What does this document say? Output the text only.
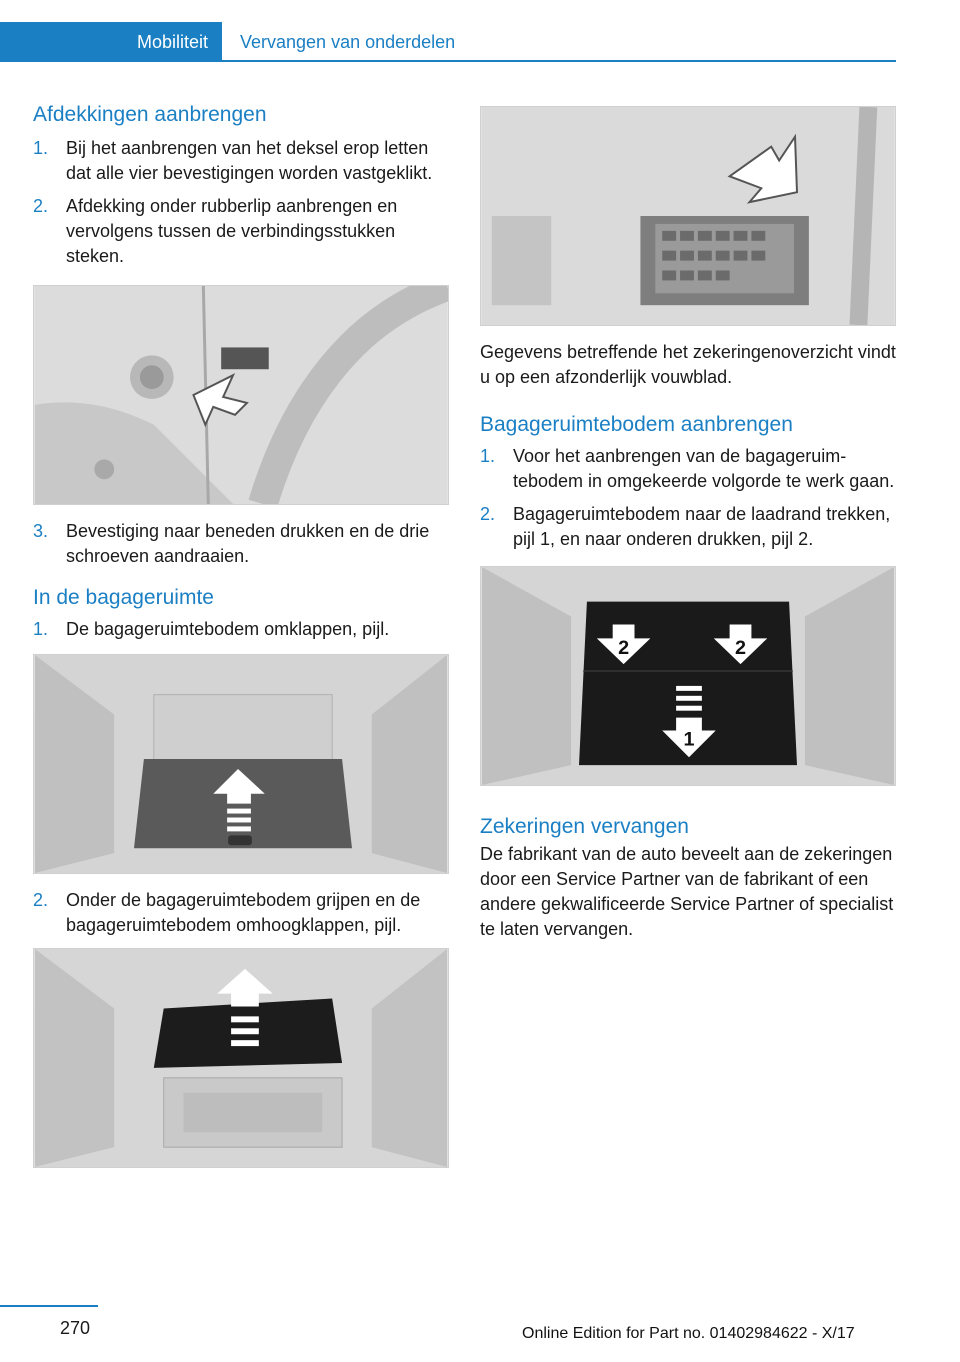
Mobiliteit	Vervangen van onderdelen
Afdekkingen aanbrengen
1. Bij het aanbrengen van het deksel erop letten dat alle vier bevestigingen worden vastgeklikt.
2. Afdekking onder rubberlip aanbrengen en vervolgens tussen de verbindingsstukken steken.
3. Bevestiging naar beneden drukken en de drie schroeven aandraaien.
In de bagageruimte
1. De bagageruimtebodem omklappen, pijl.
2. Onder de bagageruimtebodem grijpen en de bagageruimtebodem omhoogklappen, pijl.

Gegevens betreffende het zekeringenoverzicht vindt u op een afzonderlijk vouwblad.

Bagageruimtebodem aanbrengen
1. Voor het aanbrengen van de bagageruimtebodem in omgekeerde volgorde te werk gaan.
2. Bagageruimtebodem naar de laadrand trekken, pijl 1, en naar onderen drukken, pijl 2.
2	2
1
Zekeringen vervangen

De fabrikant van de auto beveelt aan de zekeringen door een Service Partner van de fabrikant of een andere gekwalificeerde Service Partner of specialist te laten vervangen.

270	Online Edition for Part no. 01402984622 - X/17
